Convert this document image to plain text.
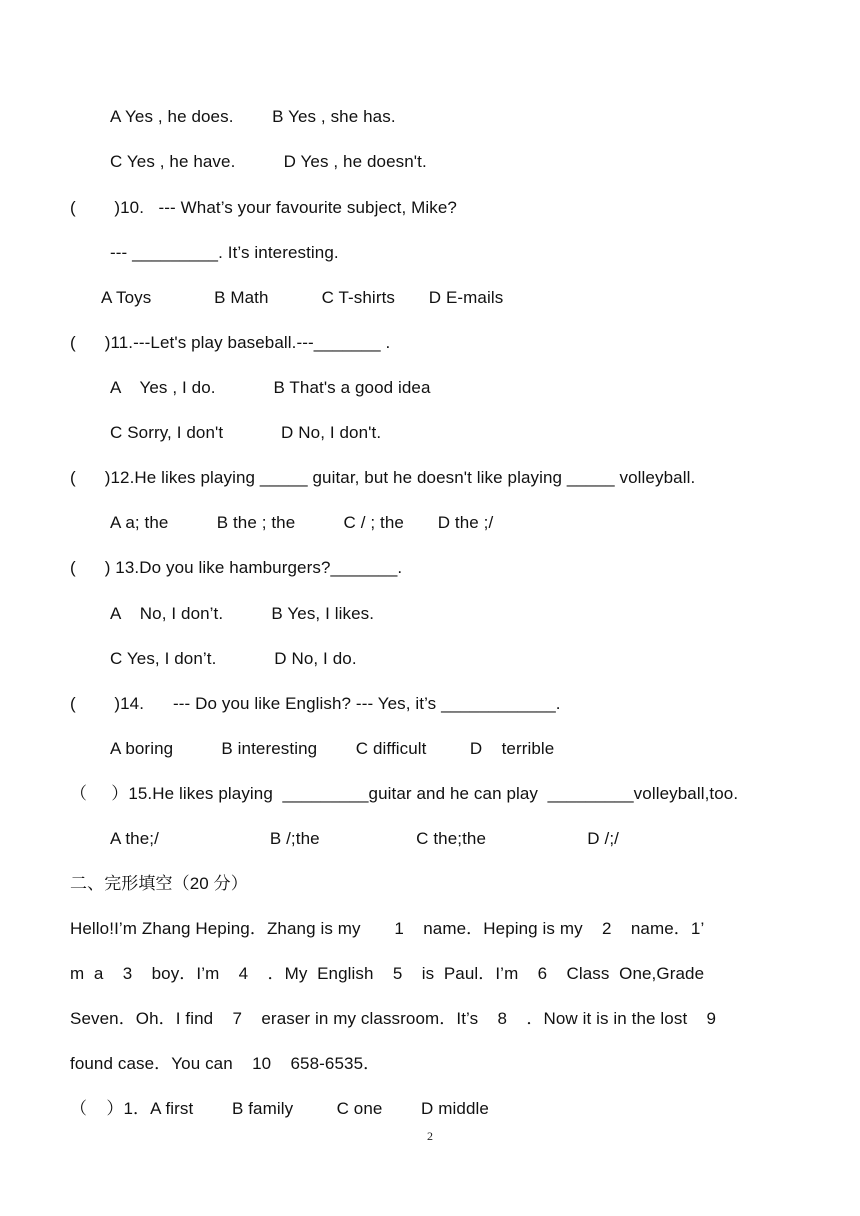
A Yes , he does.        B Yes , she has.
C Yes , he have.          D Yes , he doesn't.
(        )10.   --- What’s your favourite subject, Mike?
--- _________. It’s interesting.
A Toys             B Math           C T-shirts       D E-mails
(      )11.---Let's play baseball.---_______ .
A    Yes , I do.            B That's a good idea
C Sorry, I don't            D No, I don't.
(      )12.He likes playing _____ guitar, but he doesn't like playing _____ volleyball.
A a; the          B the ; the          C / ; the       D the ;/
(      ) 13.Do you like hamburgers?_______.
A    No, I don’t.          B Yes, I likes.
C Yes, I don’t.            D No, I do.
(        )14.      --- Do you like English? --- Yes, it’s ____________.
A boring          B interesting        C difficult         D    terrible
（     ）15.He likes playing  _________guitar and he can play  _________volleyball,too.
A the;/                       B /;the                    C the;the                     D /;/
二、完形填空（20 分）
Hello!I’m Zhang Heping．Zhang is my       1    name．Heping is my    2    name．1’
m  a    3    boy．I’m    4    ．My  English    5    is  Paul．I’m    6    Class  One,Grade
Seven．Oh．I find    7    eraser in my classroom．It’s    8    ．Now it is in the lost    9
found case．You can    10    658-6535．
（    ）1．A first        B family         C one        D middle
2
